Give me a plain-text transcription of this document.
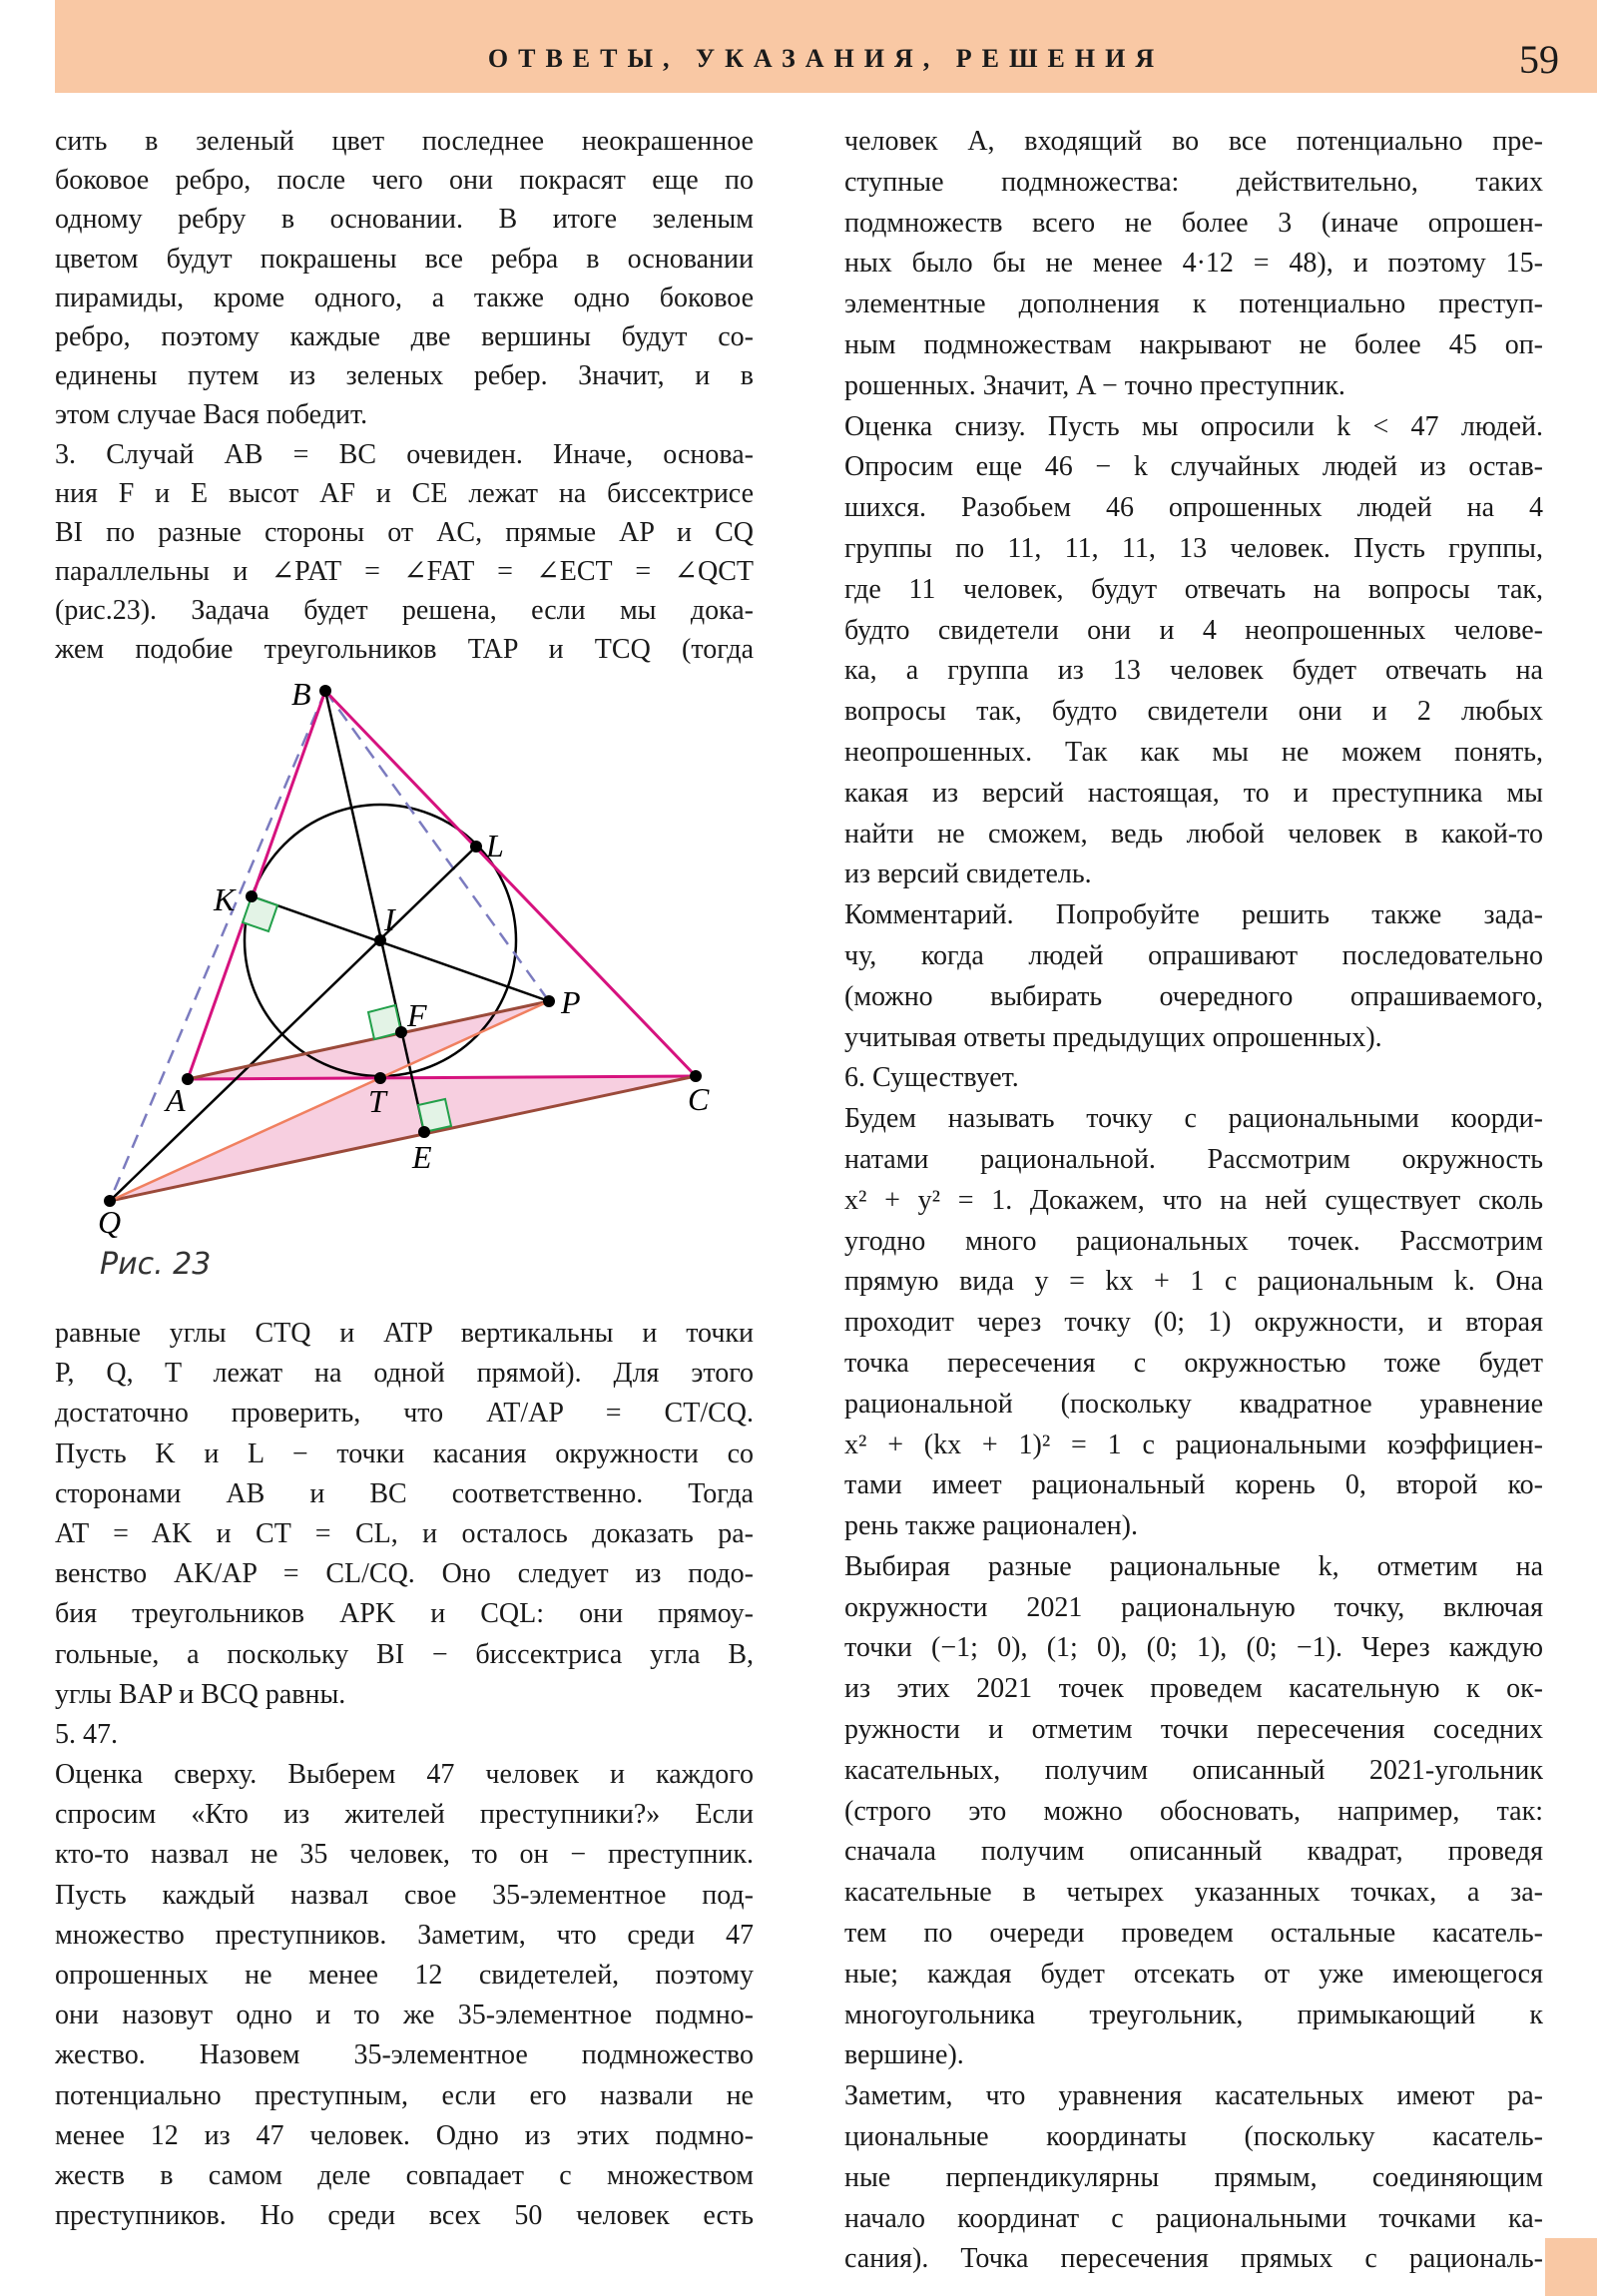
ОТВЕТЫ, УКАЗАНИЯ, РЕШЕНИЯ	59
сить в зеленый цвет последнее неокрашенное
боковое ребро, после чего они покрасят еще по
одному ребру в основании. В итоге зеленым
цветом будут покрашены все ребра в основании
пирамиды, кроме одного, а также одно боковое
ребро, поэтому каждые две вершины будут со-
единены путем из зеленых ребер. Значит, и в
этом случае Вася победит.
3. Случай AB = BC очевиден. Иначе, основа-
ния F и E высот AF и CE лежат на биссектрисе
BI по разные стороны от AC, прямые AP и CQ
параллельны и ∠PAT = ∠FAT = ∠ECT = ∠QCT
(рис.23). Задача будет решена, если мы дока-
жем подобие треугольников TAP и TCQ (тогда
равные углы CTQ и ATP вертикальны и точки
P, Q, T лежат на одной прямой). Для этого
достаточно проверить, что AT/AP = CT/CQ.
Пусть K и L − точки касания окружности со
сторонами AB и BC соответственно. Тогда
AT = AK и CT = CL, и осталось доказать ра-
венство AK/AP = CL/CQ. Оно следует из подо-
бия треугольников APK и CQL: они прямоу-
гольные, а поскольку BI − биссектриса угла B,
углы BAP и BCQ равны.
5. 47.
Оценка сверху. Выберем 47 человек и каждого
спросим «Кто из жителей преступники?» Если
кто-то назвал не 35 человек, то он − преступник.
Пусть каждый назвал свое 35-элементное под-
множество преступников. Заметим, что среди 47
опрошенных не менее 12 свидетелей, поэтому
они назовут одно и то же 35-элементное подмно-
жество. Назовем 35-элементное подмножество
потенциально преступным, если его назвали не
менее 12 из 47 человек. Одно из этих подмно-
жеств в самом деле совпадает с множеством
преступников. Но среди всех 50 человек есть
человек A, входящий во все потенциально пре-
ступные подмножества: действительно, таких
подмножеств всего не более 3 (иначе опрошен-
ных было бы не менее 4·12 = 48), и поэтому 15-
элементные дополнения к потенциально преступ-
ным подмножествам накрывают не более 45 оп-
рошенных. Значит, A − точно преступник.
Оценка снизу. Пусть мы опросили k < 47 людей.
Опросим еще 46 − k случайных людей из остав-
шихся. Разобьем 46 опрошенных людей на 4
группы по 11, 11, 11, 13 человек. Пусть группы,
где 11 человек, будут отвечать на вопросы так,
будто свидетели они и 4 неопрошенных челове-
ка, а группа из 13 человек будет отвечать на
вопросы так, будто свидетели они и 2 любых
неопрошенных. Так как мы не можем понять,
какая из версий настоящая, то и преступника мы
найти не сможем, ведь любой человек в какой-то
из версий свидетель.
Комментарий. Попробуйте решить также зада-
чу, когда людей опрашивают последовательно
(можно выбирать очередного опрашиваемого,
учитывая ответы предыдущих опрошенных).
6. Существует.
Будем называть точку с рациональными коорди-
натами рациональной. Рассмотрим окружность
x² + y² = 1. Докажем, что на ней существует сколь
угодно много рациональных точек. Рассмотрим
прямую вида y = kx + 1 с рациональным k. Она
проходит через точку (0; 1) окружности, и вторая
точка пересечения с окружностью тоже будет
рациональной (поскольку квадратное уравнение
x² + (kx + 1)² = 1 с рациональными коэффициен-
тами имеет рациональный корень 0, второй ко-
рень также рационален).
Выбирая разные рациональные k, отметим на
окружности 2021 рациональную точку, включая
точки (−1; 0), (1; 0), (0; 1), (0; −1). Через каждую
из этих 2021 точек проведем касательную к ок-
ружности и отметим точки пересечения соседних
касательных, получим описанный 2021-угольник
(строго это можно обосновать, например, так:
сначала получим описанный квадрат, проведя
касательные в четырех указанных точках, а за-
тем по очереди проведем остальные касатель-
ные; каждая будет отсекать от уже имеющегося
многоугольника треугольник, примыкающий к
вершине).
Заметим, что уравнения касательных имеют ра-
циональные координаты (поскольку касатель-
ные перпендикулярны прямым, соединяющим
начало координат с рациональными точками ка-
сания). Точка пересечения прямых с рациональ-
B
L
K
I
P
F
A	T	C
E
Q
Рис. 23
